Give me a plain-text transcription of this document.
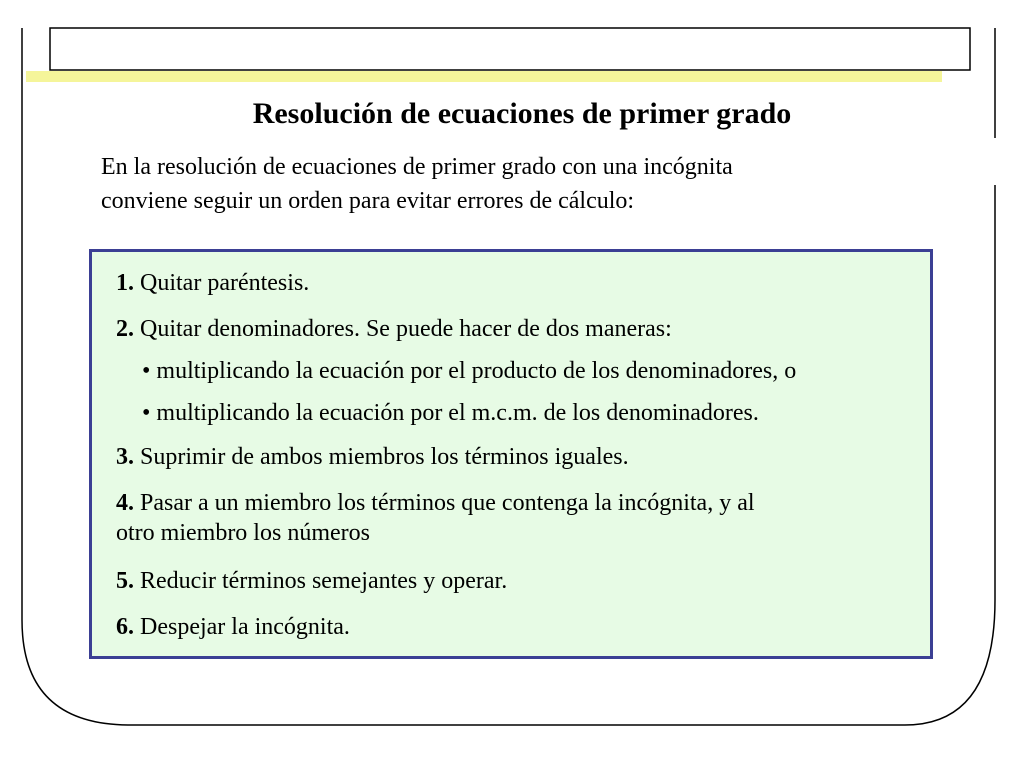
Resolución de ecuaciones de primer grado

En la resolución de ecuaciones de primer grado con una incógnita

conviene seguir un orden para evitar errores de cálculo:

1. Quitar paréntesis.
2. Quitar denominadores. Se puede hacer de dos maneras:
• multiplicando la ecuación por el producto de los denominadores, o
• multiplicando la ecuación por el m.c.m. de los denominadores.
3. Suprimir de ambos miembros los términos iguales.
4. Pasar a un miembro los términos que contenga la incógnita, y al
otro miembro los números
5. Reducir términos semejantes y operar.
6. Despejar la incógnita.
